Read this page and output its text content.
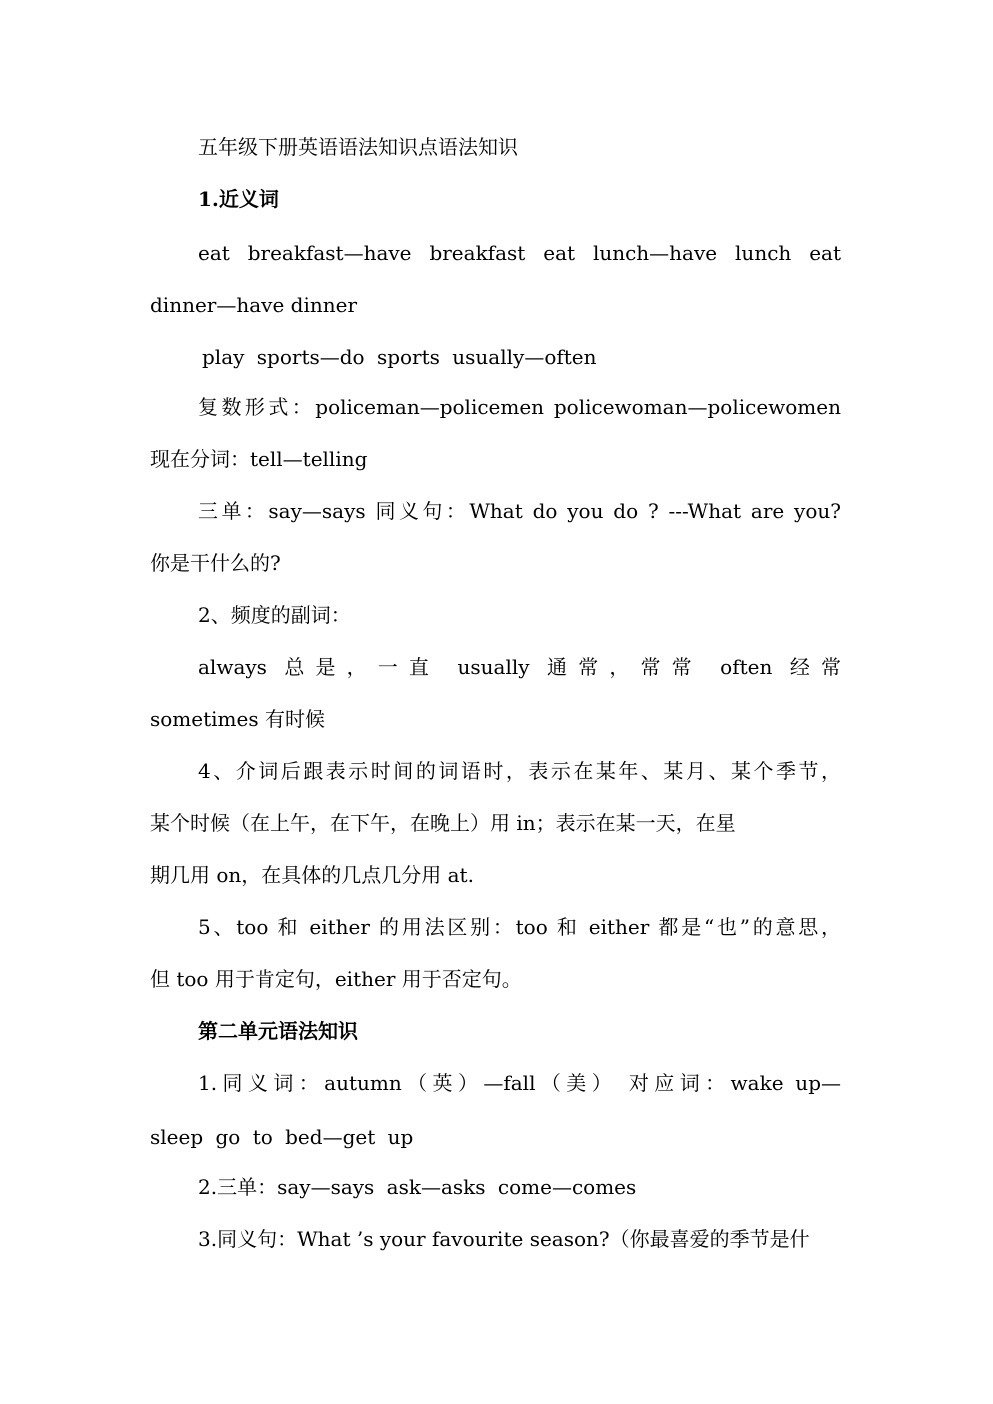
五年级下册英语语法知识点语法知识
1.近义词
eat breakfast—have breakfast eat lunch—have lunch eat
dinner—have dinner
play sports—do sports usually—often
复数形式：policeman—policemen policewoman—policewomen
现在分词：tell—telling
三单：say—says 同义句：What do you do ? ---What are you?
你是干什么的?
2、频度的副词：
always 总是，一直 usually 通常，常常 often 经常
sometimes 有时候
4、介词后跟表示时间的词语时，表示在某年、某月、某个季节，
某个时候（在上午，在下午，在晚上）用 in；表示在某一天，在星
期几用 on，在具体的几点几分用 at.
5、too 和 either 的用法区别：too 和 either 都是“也”的意思，
但 too 用于肯定句，either 用于否定句。
第二单元语法知识
1.同义词：autumn（英）—fall（美） 对应词：wake up—
sleep go to bed—get up
2.三单：say—says ask—asks come—comes
3.同义句：What ’s your favourite season?（你最喜爱的季节是什
